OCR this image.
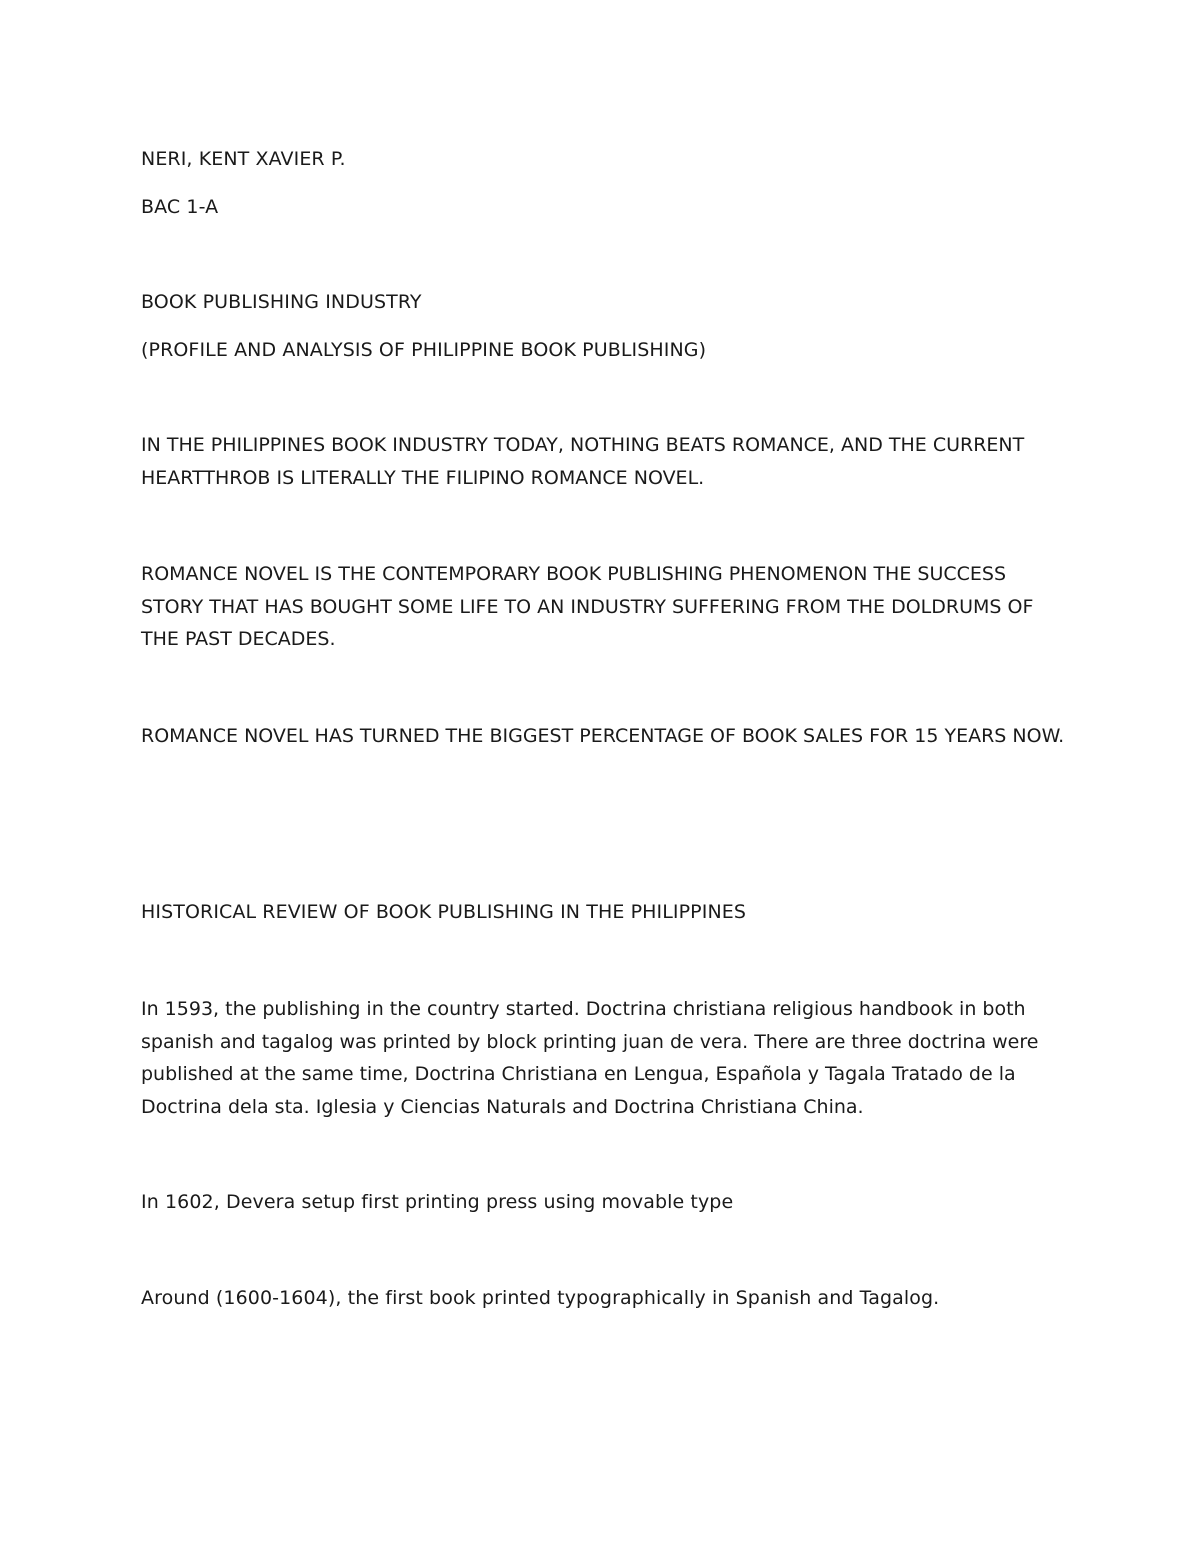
NERI, KENT XAVIER P.

BAC 1-A

BOOK PUBLISHING INDUSTRY

(PROFILE AND ANALYSIS OF PHILIPPINE BOOK PUBLISHING)

IN THE PHILIPPINES BOOK INDUSTRY TODAY, NOTHING BEATS ROMANCE, AND THE CURRENT HEARTTHROB IS LITERALLY THE FILIPINO ROMANCE NOVEL.

ROMANCE NOVEL IS THE CONTEMPORARY BOOK PUBLISHING PHENOMENON THE SUCCESS STORY THAT HAS BOUGHT SOME LIFE TO AN INDUSTRY SUFFERING FROM THE DOLDRUMS OF THE PAST DECADES.

ROMANCE NOVEL HAS TURNED THE BIGGEST PERCENTAGE OF BOOK SALES FOR 15 YEARS NOW.

HISTORICAL REVIEW OF BOOK PUBLISHING IN THE PHILIPPINES

In 1593, the publishing in the country started. Doctrina christiana religious handbook in both spanish and tagalog was printed by block printing juan de vera. There are three doctrina were published at the same time, Doctrina Christiana en Lengua, Española y Tagala Tratado de la Doctrina dela sta. Iglesia y Ciencias Naturals and Doctrina Christiana China.

In 1602, Devera setup first printing press using movable type

Around (1600-1604), the first book printed typographically in Spanish and Tagalog.
